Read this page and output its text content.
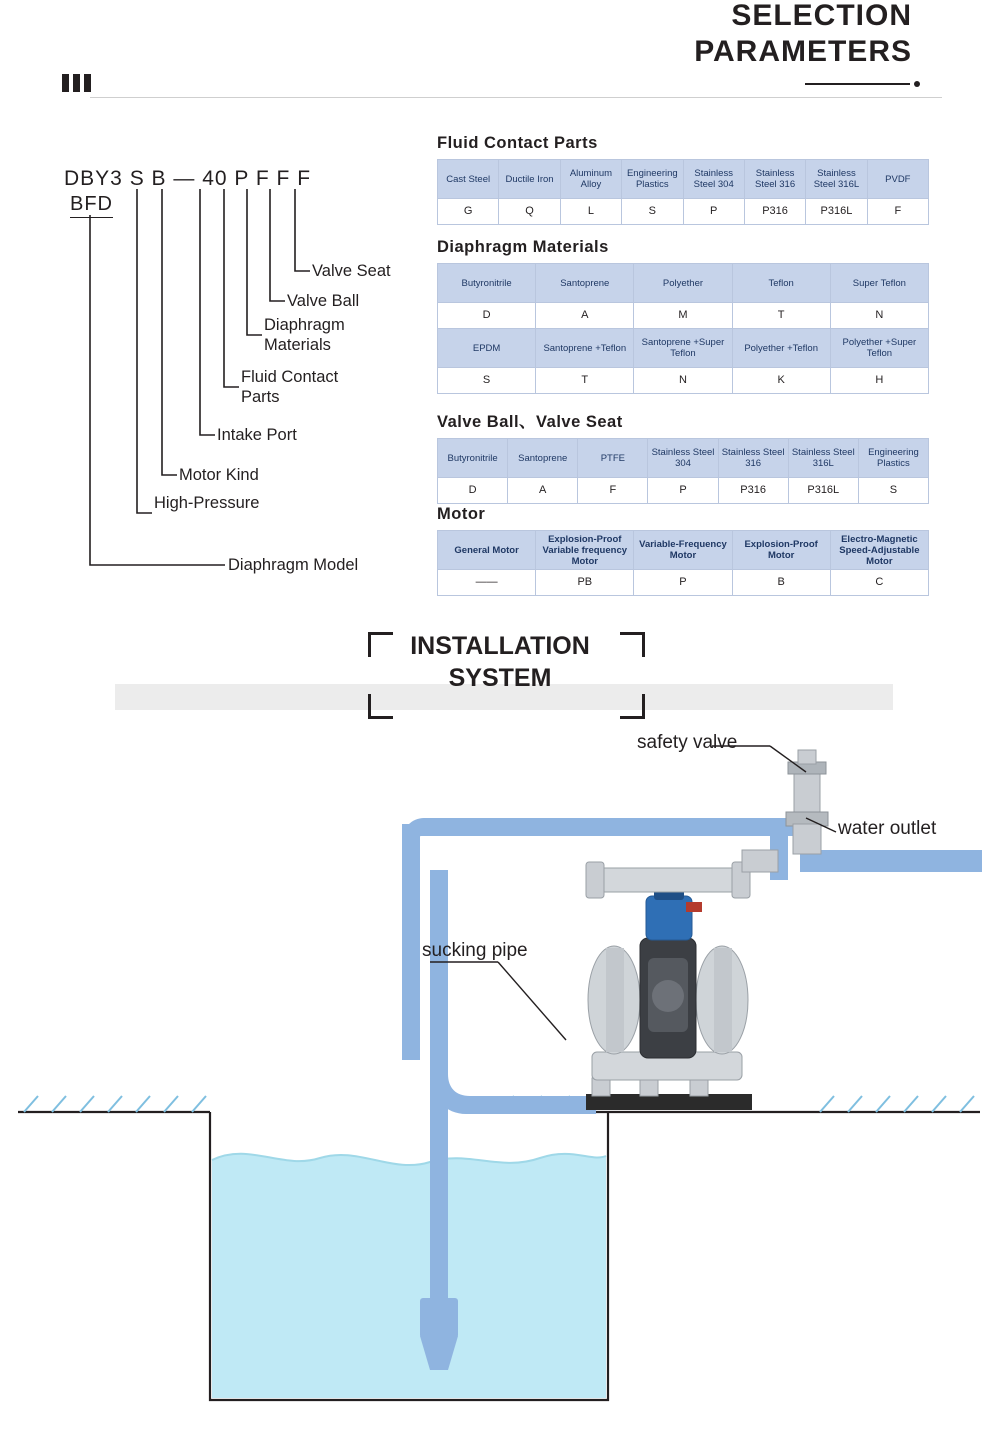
SELECTION
PARAMETERS
DBY3 S B — 40 P F F F
BFD
Valve Seat
Valve Ball
Diaphragm Materials
Fluid Contact Parts
Intake Port
Motor Kind
High-Pressure
Diaphragm Model
Fluid Contact Parts
Cast Steel	Ductile Iron	Aluminum Alloy	Engineering Plastics	Stainless Steel 304	Stainless Steel 316	Stainless Steel 316L	PVDF
G	Q	L	S	P	P316	P316L	F
Diaphragm Materials
Butyronitrile	Santoprene	Polyether	Teflon	Super Teflon
D	A	M	T	N
EPDM	Santoprene +Teflon	Santoprene +Super Teflon	Polyether +Teflon	Polyether +Super Teflon
S	T	N	K	H
Valve Ball、Valve Seat
Butyronitrile	Santoprene	PTFE	Stainless Steel 304	Stainless Steel 316	Stainless Steel 316L	Engineering Plastics
D	A	F	P	P316	P316L	S
Motor
General Motor	Explosion-Proof Variable frequency Motor	Variable-Frequency Motor	Explosion-Proof Motor	Electro-Magnetic Speed-Adjustable Motor
——	PB	P	B	C
INSTALLATION
SYSTEM
safety valve
water outlet
sucking pipe
